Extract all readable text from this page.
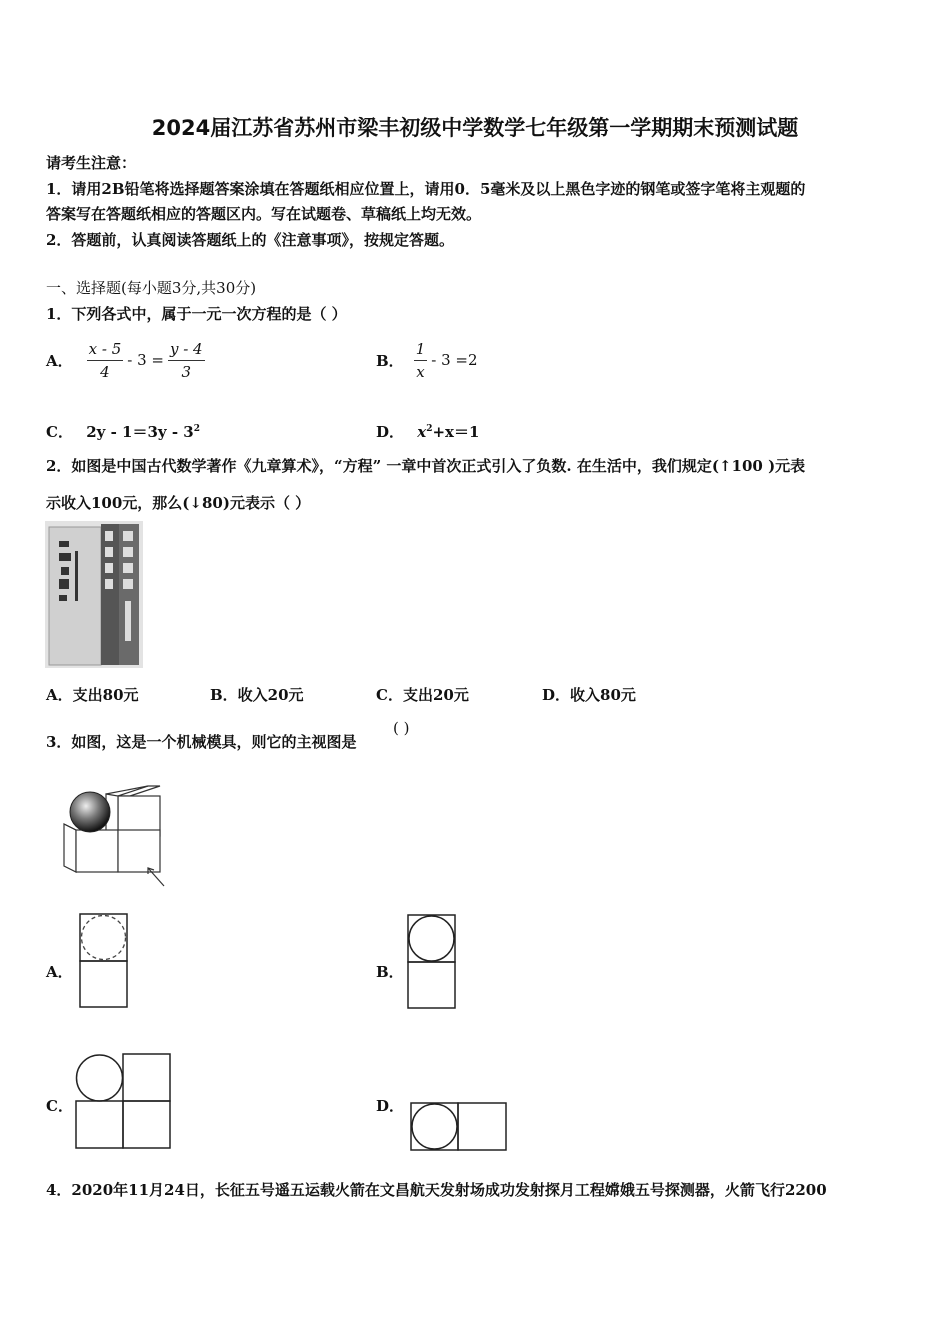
2024届江苏省苏州市梁丰初级中学数学七年级第一学期期末预测试题
请考生注意：
1．请用2B铅笔将选择题答案涂填在答题纸相应位置上，请用0．5毫米及以上黑色字迹的钢笔或签字笔将主观题的
答案写在答题纸相应的答题区内。写在试题卷、草稿纸上均无效。
2．答题前，认真阅读答题纸上的《注意事项》，按规定答题。
一、选择题(每小题3分,共30分)
1．下列各式中，属于一元一次方程的是（ ）
A． $\frac{x - 5}{4} - 3 = \frac{y - 4}{3}$	B． $\frac{1}{x} - 3 =2$
C． $2y - 1=3y - 3^2$	D． $x^2+x=1$
2．如图是中国古代数学著作《九章算术》，“方程” 一章中首次正式引入了负数. 在生活中，我们规定(↑100 )元表
示收入100元，那么(↓80)元表示（ ）
A．支出80元	B．收入20元	C．支出20元	D．收入80元
3．如图，这是一个机械模具，则它的主视图是
( )
A．	B．
C．	D．
4．2020年11月24日，长征五号遥五运载火箭在文昌航天发射场成功发射探月工程嫦娥五号探测器，火箭飞行2200
